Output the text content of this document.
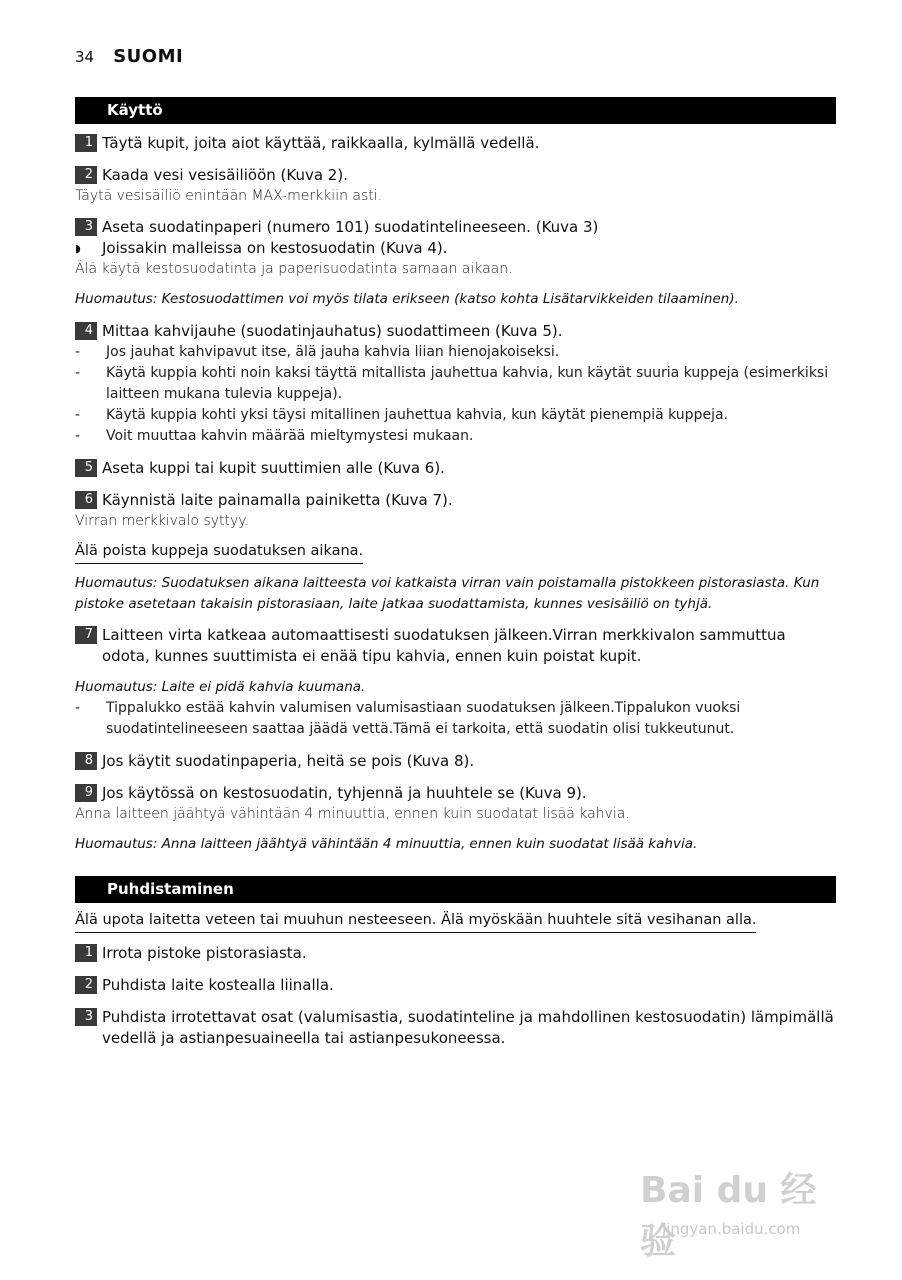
34 SUOMI
Käyttö
1 Täytä kupit, joita aiot käyttää, raikkaalla, kylmällä vedellä.
2 Kaada vesi vesisäiliöön (Kuva 2).
Täytä vesisäiliö enintään MAX-merkkiin asti.
3 Aseta suodatinpaperi (numero 101) suodatintelineeseen. (Kuva 3)
◗	Joissakin malleissa on kestosuodatin (Kuva 4).
Älä käytä kestosuodatinta ja paperisuodatinta samaan aikaan.
Huomautus: Kestosuodattimen voi myös tilata erikseen (katso kohta Lisätarvikkeiden tilaaminen).
4 Mittaa kahvijauhe (suodatinjauhatus) suodattimeen (Kuva 5).
-	Jos jauhat kahvipavut itse, älä jauha kahvia liian hienojakoiseksi.
-	Käytä kuppia kohti noin kaksi täyttä mitallista jauhettua kahvia, kun käytät suuria kuppeja (esimerkiksi laitteen mukana tulevia kuppeja).
-	Käytä kuppia kohti yksi täysi mitallinen jauhettua kahvia, kun käytät pienempiä kuppeja.
-	Voit muuttaa kahvin määrää mieltymystesi mukaan.
5 Aseta kuppi tai kupit suuttimien alle (Kuva 6).
6 Käynnistä laite painamalla painiketta (Kuva 7).
Virran merkkivalo syttyy.
Älä poista kuppeja suodatuksen aikana.
Huomautus: Suodatuksen aikana laitteesta voi katkaista virran vain poistamalla pistokkeen pistorasiasta. Kun pistoke asetetaan takaisin pistorasiaan, laite jatkaa suodattamista, kunnes vesisäiliö on tyhjä.
7 Laitteen virta katkeaa automaattisesti suodatuksen jälkeen.Virran merkkivalon sammuttua odota, kunnes suuttimista ei enää tipu kahvia, ennen kuin poistat kupit.
Huomautus: Laite ei pidä kahvia kuumana.
-	Tippalukko estää kahvin valumisen valumisastiaan suodatuksen jälkeen.Tippalukon vuoksi suodatintelineeseen saattaa jäädä vettä.Tämä ei tarkoita, että suodatin olisi tukkeutunut.
8 Jos käytit suodatinpaperia, heitä se pois (Kuva 8).
9 Jos käytössä on kestosuodatin, tyhjennä ja huuhtele se (Kuva 9).
Anna laitteen jäähtyä vähintään 4 minuuttia, ennen kuin suodatat lisää kahvia.
Huomautus: Anna laitteen jäähtyä vähintään 4 minuuttia, ennen kuin suodatat lisää kahvia.
Puhdistaminen
Älä upota laitetta veteen tai muuhun nesteeseen. Älä myöskään huuhtele sitä vesihanan alla.
1 Irrota pistoke pistorasiasta.
2 Puhdista laite kostealla liinalla.
3 Puhdista irrotettavat osat (valumisastia, suodatinteline ja mahdollinen kestosuodatin) lämpimällä vedellä ja astianpesuaineella tai astianpesukoneessa.
Bai du 经验
jingyan.baidu.com
